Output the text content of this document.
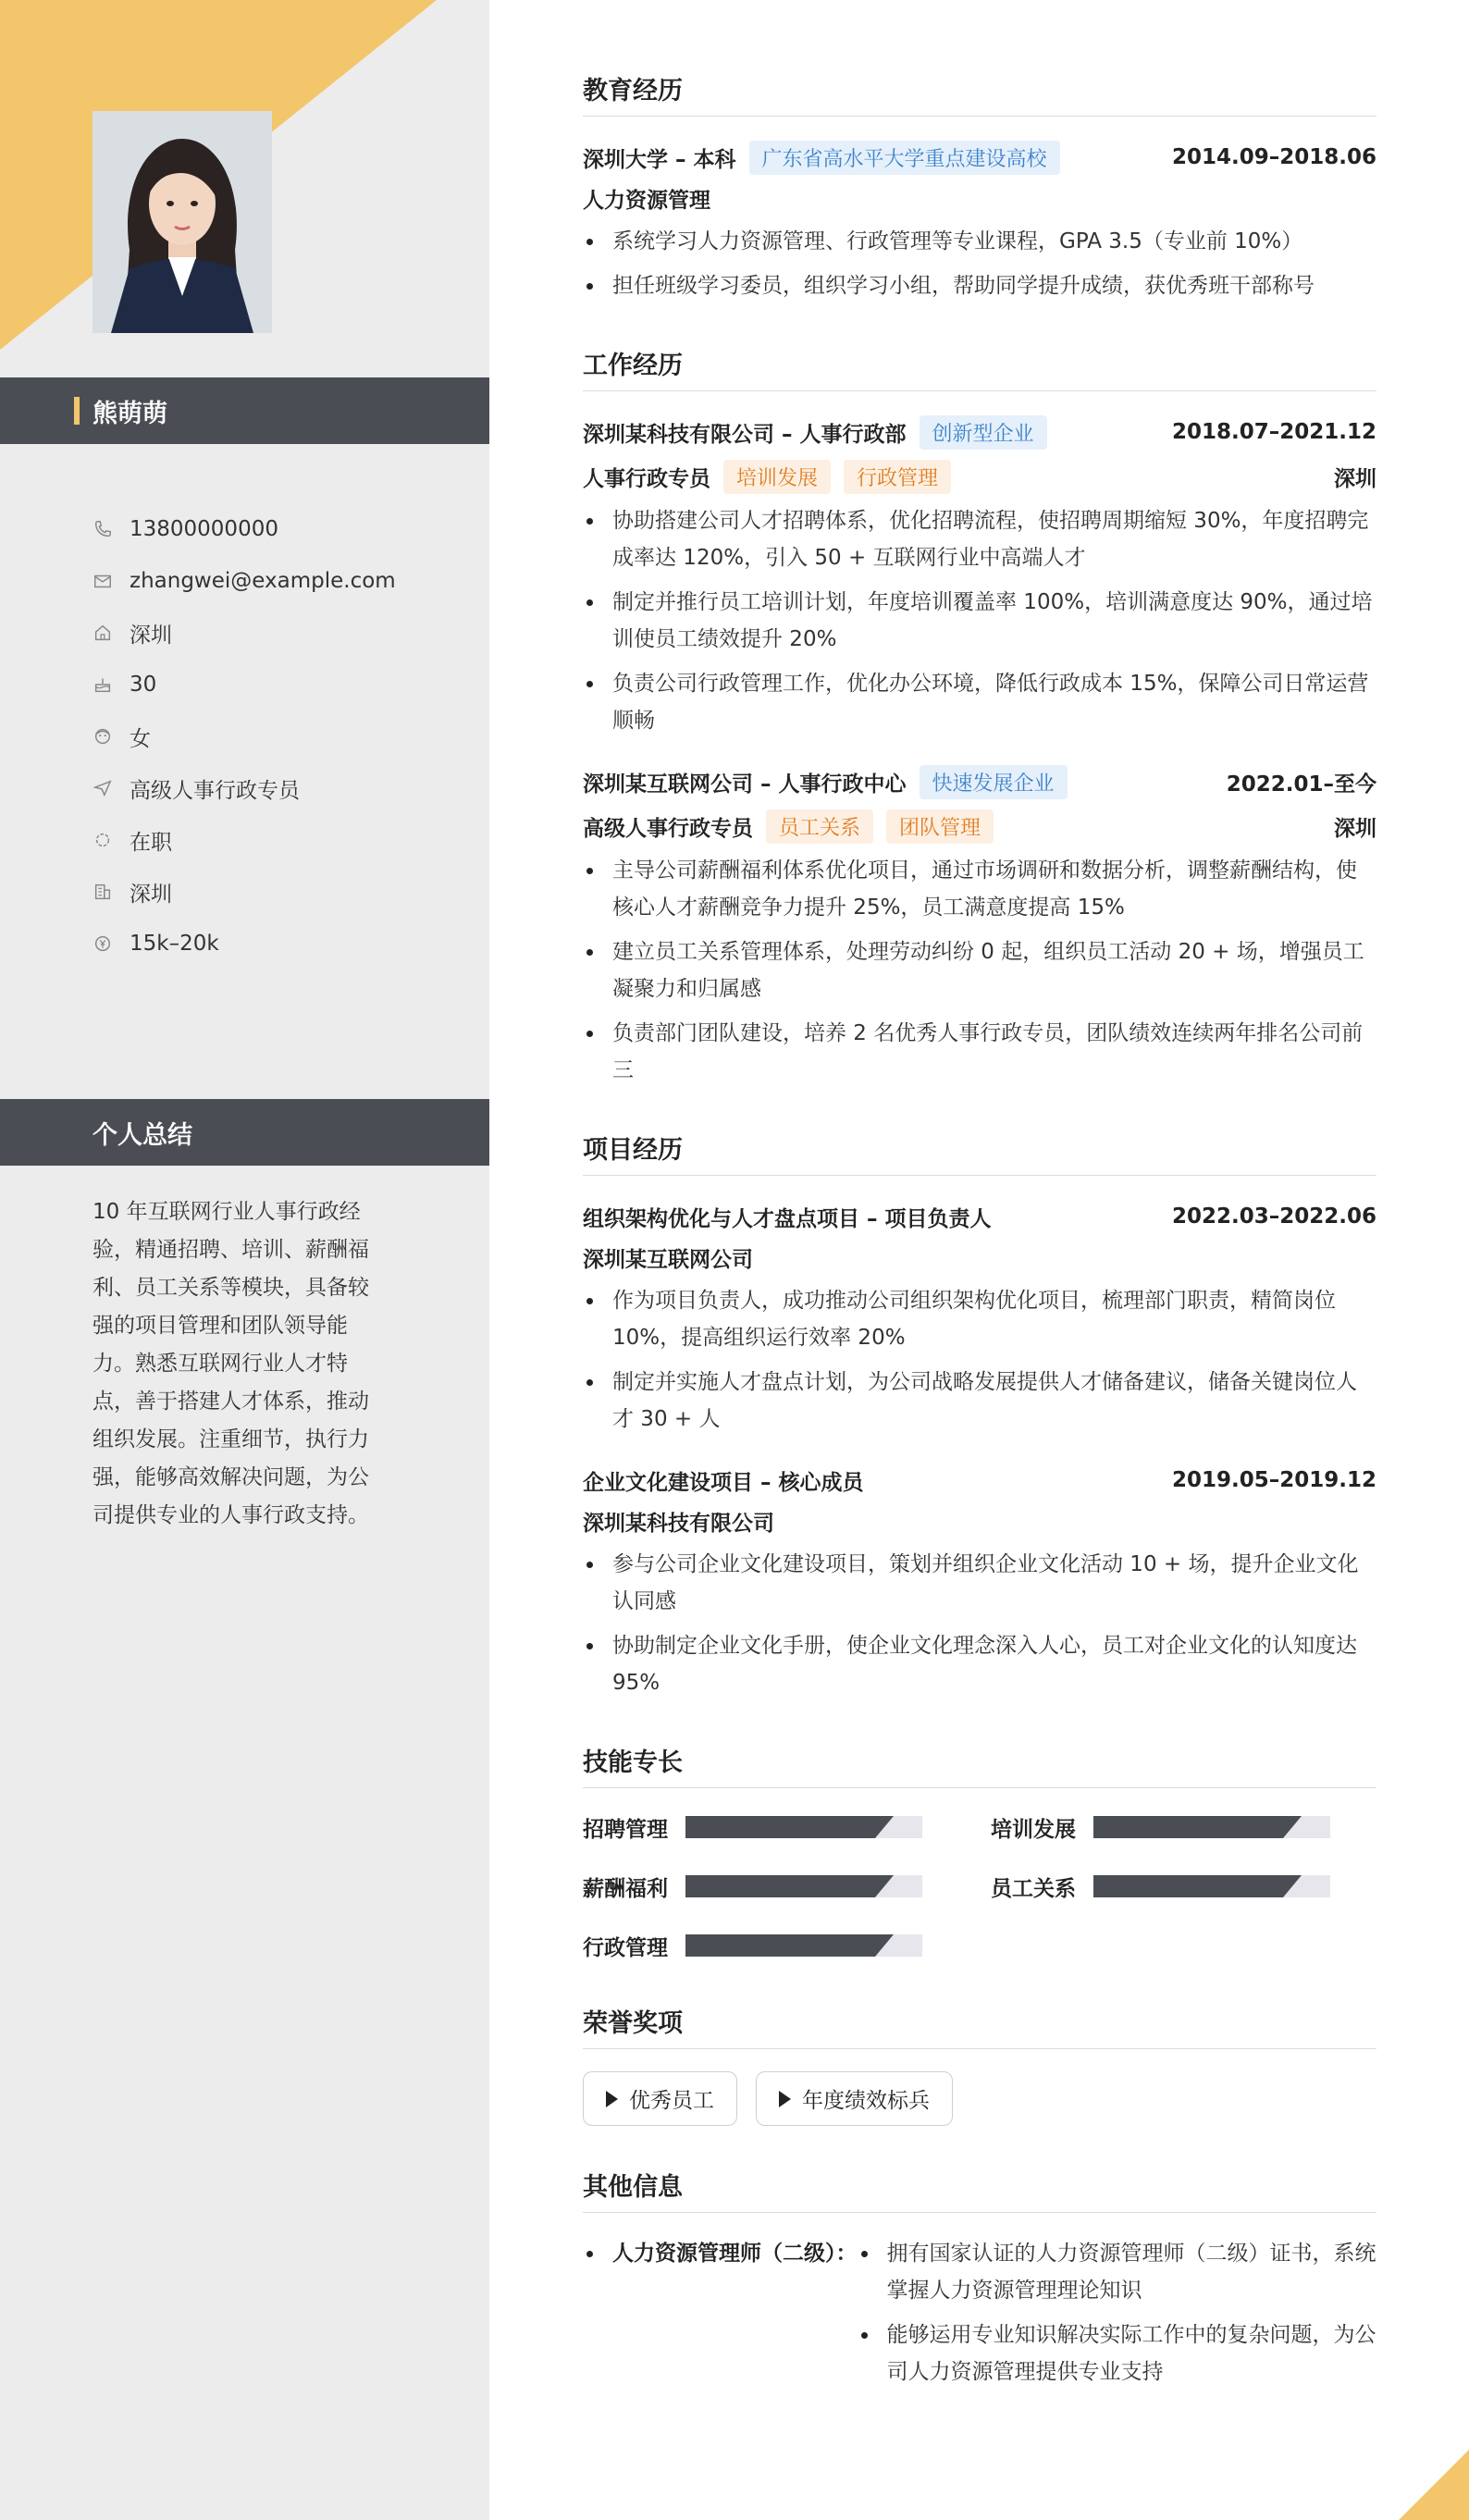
熊萌萌
13800000000
zhangwei@example.com
深圳
30
女
高级人事行政专员
在职
深圳
15k–20k
个人总结
10 年互联网行业人事行政经验，精通招聘、培训、薪酬福利、员工关系等模块，具备较强的项目管理和团队领导能力。熟悉互联网行业人才特点，善于搭建人才体系，推动组织发展。注重细节，执行力强，能够高效解决问题，为公司提供专业的人事行政支持。
教育经历
深圳大学 – 本科	广东省高水平大学重点建设高校	2014.09–2018.06
人力资源管理
系统学习人力资源管理、行政管理等专业课程，GPA 3.5（专业前 10%）
担任班级学习委员，组织学习小组，帮助同学提升成绩，获优秀班干部称号
工作经历
深圳某科技有限公司 – 人事行政部	创新型企业	2018.07–2021.12
人事行政专员	培训发展	行政管理	深圳
协助搭建公司人才招聘体系，优化招聘流程，使招聘周期缩短 30%，年度招聘完成率达 120%，引入 50 + 互联网行业中高端人才
制定并推行员工培训计划，年度培训覆盖率 100%，培训满意度达 90%，通过培训使员工绩效提升 20%
负责公司行政管理工作，优化办公环境，降低行政成本 15%，保障公司日常运营顺畅
深圳某互联网公司 – 人事行政中心	快速发展企业	2022.01–至今
高级人事行政专员	员工关系	团队管理	深圳
主导公司薪酬福利体系优化项目，通过市场调研和数据分析，调整薪酬结构，使核心人才薪酬竞争力提升 25%，员工满意度提高 15%
建立员工关系管理体系，处理劳动纠纷 0 起，组织员工活动 20 + 场，增强员工凝聚力和归属感
负责部门团队建设，培养 2 名优秀人事行政专员，团队绩效连续两年排名公司前三
项目经历
组织架构优化与人才盘点项目 – 项目负责人	2022.03–2022.06
深圳某互联网公司
作为项目负责人，成功推动公司组织架构优化项目，梳理部门职责，精简岗位 10%，提高组织运行效率 20%
制定并实施人才盘点计划，为公司战略发展提供人才储备建议，储备关键岗位人才 30 + 人
企业文化建设项目 – 核心成员	2019.05–2019.12
深圳某科技有限公司
参与公司企业文化建设项目，策划并组织企业文化活动 10 + 场，提升企业文化认同感
协助制定企业文化手册，使企业文化理念深入人心，员工对企业文化的认知度达 95%
技能专长
招聘管理	培训发展
薪酬福利	员工关系
行政管理
荣誉奖项
优秀员工	年度绩效标兵
其他信息
人力资源管理师（二级）：	拥有国家认证的人力资源管理师（二级）证书，系统掌握人力资源管理理论知识
能够运用专业知识解决实际工作中的复杂问题，为公司人力资源管理提供专业支持
